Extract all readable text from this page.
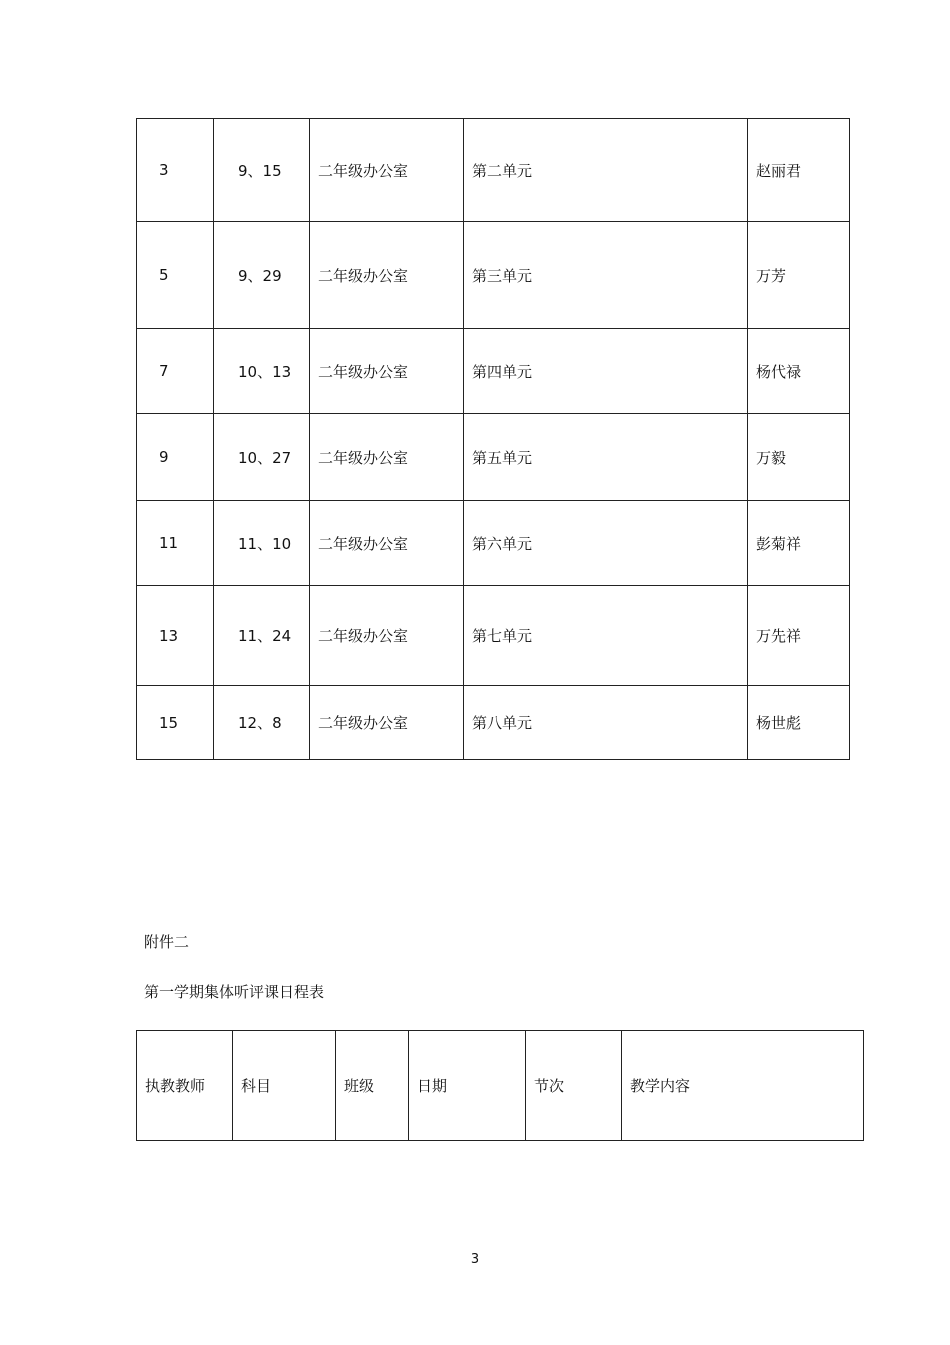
3	9、15	二年级办公室	第二单元	赵丽君
5	9、29	二年级办公室	第三单元	万芳
7	10、13	二年级办公室	第四单元	杨代禄
9	10、27	二年级办公室	第五单元	万毅
11	11、10	二年级办公室	第六单元	彭菊祥
13	11、24	二年级办公室	第七单元	万先祥
15	12、8	二年级办公室	第八单元	杨世彪
附件二
第一学期集体听评课日程表
执教教师	科目	班级	日期	节次	教学内容
3
